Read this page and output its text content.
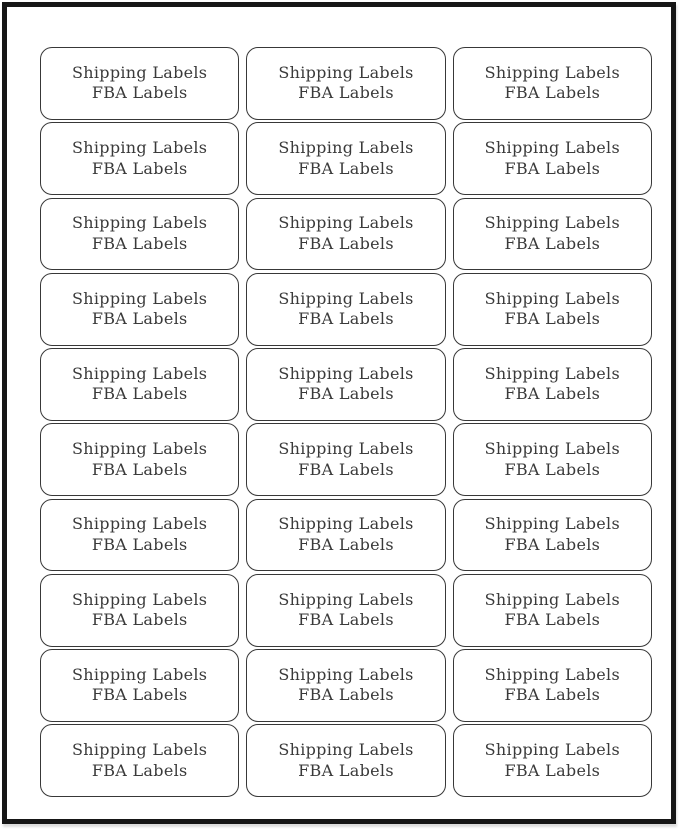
Shipping Labels
FBA Labels
Shipping Labels
FBA Labels
Shipping Labels
FBA Labels
Shipping Labels
FBA Labels
Shipping Labels
FBA Labels
Shipping Labels
FBA Labels
Shipping Labels
FBA Labels
Shipping Labels
FBA Labels
Shipping Labels
FBA Labels
Shipping Labels
FBA Labels
Shipping Labels
FBA Labels
Shipping Labels
FBA Labels
Shipping Labels
FBA Labels
Shipping Labels
FBA Labels
Shipping Labels
FBA Labels
Shipping Labels
FBA Labels
Shipping Labels
FBA Labels
Shipping Labels
FBA Labels
Shipping Labels
FBA Labels
Shipping Labels
FBA Labels
Shipping Labels
FBA Labels
Shipping Labels
FBA Labels
Shipping Labels
FBA Labels
Shipping Labels
FBA Labels
Shipping Labels
FBA Labels
Shipping Labels
FBA Labels
Shipping Labels
FBA Labels
Shipping Labels
FBA Labels
Shipping Labels
FBA Labels
Shipping Labels
FBA Labels
